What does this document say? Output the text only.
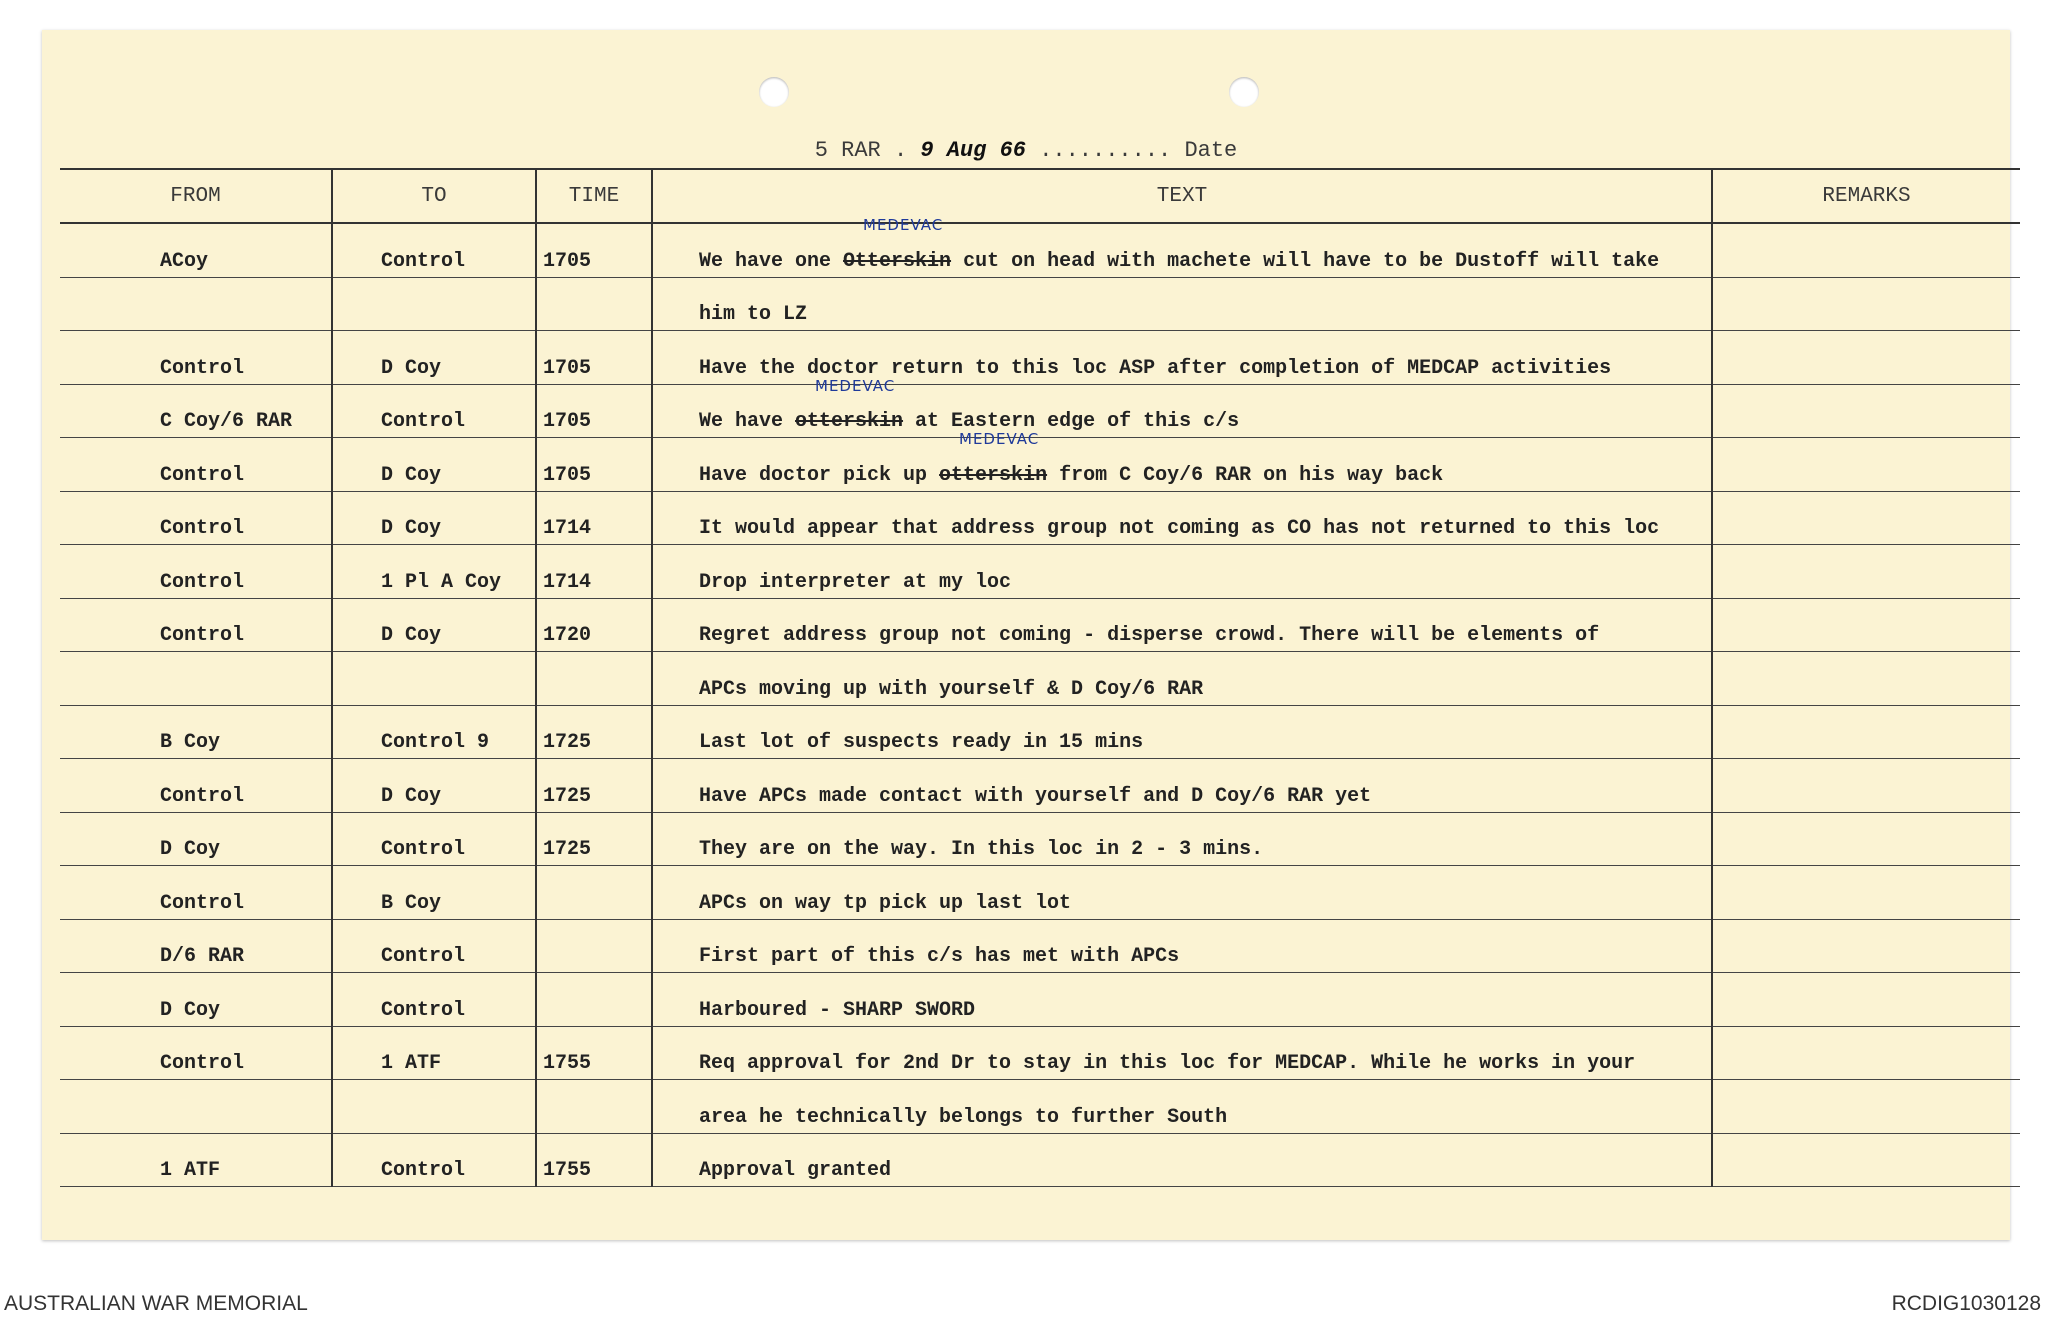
5 RAR . 9 Aug 66 .......... Date
FROM	TO	TIME	TEXT	REMARKS
ACoy	Control	1705	We have one Otterskin cut on head with machete will have to be Dustoff will take
MEDEVAC	

			him to LZ	
Control	D Coy	1705	Have the doctor return to this loc ASP after completion of MEDCAP activities	
C Coy/6 RAR	Control	1705	We have otterskin at Eastern edge of this c/s
MEDEVAC	

Control	D Coy	1705	Have doctor pick up otterskin from C Coy/6 RAR on his way back
MEDEVAC	

Control	D Coy	1714	It would appear that address group not coming as CO has not returned to this loc	
Control	1 Pl A Coy	1714	Drop interpreter at my loc	
Control	D Coy	1720	Regret address group not coming - disperse crowd. There will be elements of	
			APCs moving up with yourself & D Coy/6 RAR	
B Coy	Control 9	1725	Last lot of suspects ready in 15 mins	
Control	D Coy	1725	Have APCs made contact with yourself and D Coy/6 RAR yet	
D Coy	Control	1725	They are on the way. In this loc in 2 - 3 mins.	
Control	B Coy		APCs on way tp pick up last lot	
D/6 RAR	Control		First part of this c/s has met with APCs	
D Coy	Control		Harboured - SHARP SWORD	
Control	1 ATF	1755	Req approval for 2nd Dr to stay in this loc for MEDCAP. While he works in your	
			area he technically belongs to further South	
1 ATF	Control	1755	Approval granted	
AUSTRALIAN WAR MEMORIAL	RCDIG1030128
